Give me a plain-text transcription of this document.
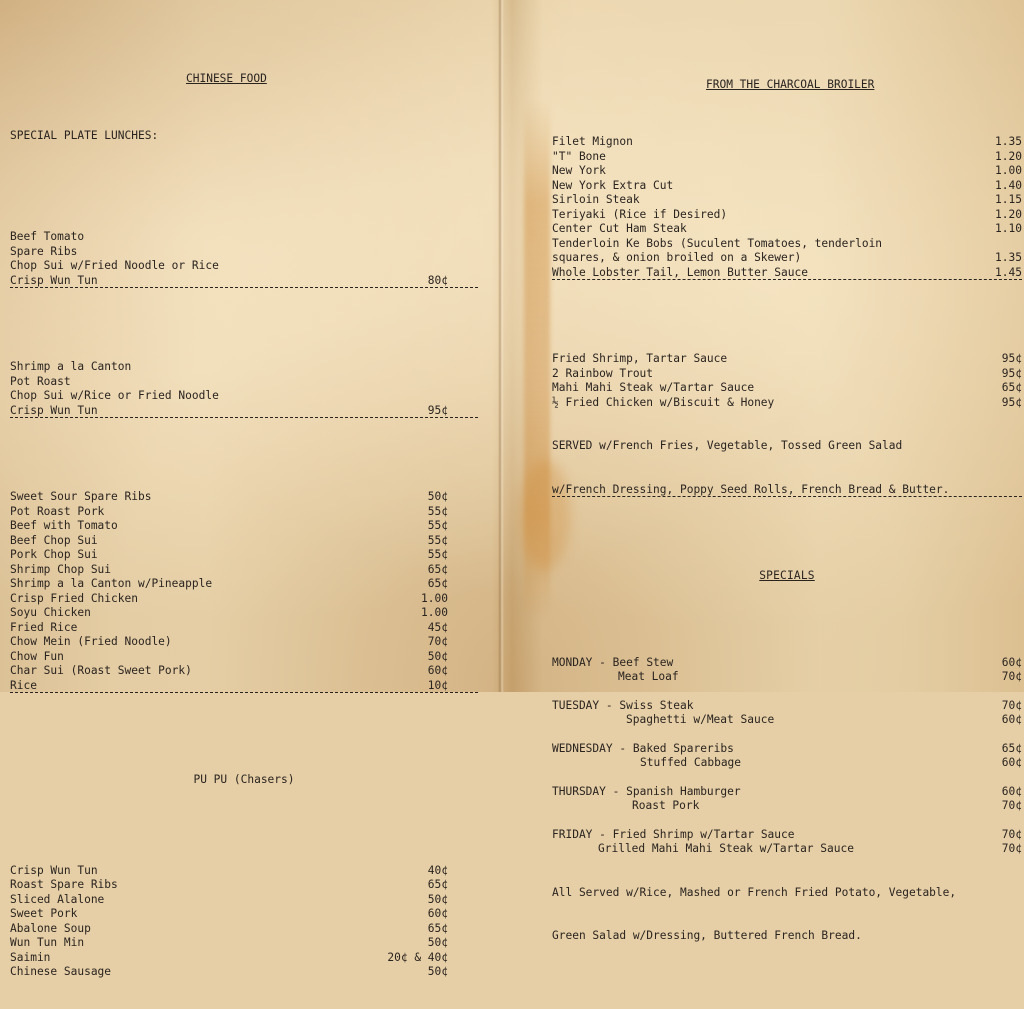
CHINESE FOOD

SPECIAL PLATE LUNCHES:

Beef Tomato
Spare Ribs
Chop Sui w/Fried Noodle or Rice
Crisp Wun Tun	80¢

Shrimp a la Canton
Pot Roast
Chop Sui w/Rice or Fried Noodle
Crisp Wun Tun	95¢

Sweet Sour Spare Ribs	50¢
Pot Roast Pork	55¢
Beef with Tomato	55¢
Beef Chop Sui	55¢
Pork Chop Sui	55¢
Shrimp Chop Sui	65¢
Shrimp a la Canton w/Pineapple	65¢
Crisp Fried Chicken	1.00
Soyu Chicken	1.00
Fried Rice	45¢
Chow Mein (Fried Noodle)	70¢
Chow Fun	50¢
Char Sui (Roast Sweet Pork)	60¢
Rice	10¢

PU PU (Chasers)

Crisp Wun Tun	40¢
Roast Spare Ribs	65¢
Sliced Alalone	50¢
Sweet Pork	60¢
Abalone Soup	65¢
Wun Tun Min	50¢
Saimin	20¢ & 40¢
Chinese Sausage	50¢

FROM THE CHARCOAL BROILER

Filet Mignon	1.35
"T" Bone	1.20
New York	1.00
New York Extra Cut	1.40
Sirloin Steak	1.15
Teriyaki (Rice if Desired)	1.20
Center Cut Ham Steak	1.10
Tenderloin Ke Bobs (Suculent Tomatoes, tenderloin
squares, & onion broiled on a Skewer)	1.35
Whole Lobster Tail, Lemon Butter Sauce	1.45

Fried Shrimp, Tartar Sauce	95¢
2 Rainbow Trout	95¢
Mahi Mahi Steak w/Tartar Sauce	65¢
½ Fried Chicken w/Biscuit & Honey	95¢

SERVED w/French Fries, Vegetable, Tossed Green Salad

w/French Dressing, Poppy Seed Rolls, French Bread & Butter.

SPECIALS

MONDAY - Beef Stew	60¢
Meat Loaf	70¢
TUESDAY - Swiss Steak	70¢
Spaghetti w/Meat Sauce	60¢
WEDNESDAY - Baked Spareribs	65¢
Stuffed Cabbage	60¢
THURSDAY - Spanish Hamburger	60¢
Roast Pork	70¢
FRIDAY - Fried Shrimp w/Tartar Sauce	70¢
Grilled Mahi Mahi Steak w/Tartar Sauce	70¢

All Served w/Rice, Mashed or French Fried Potato, Vegetable,

Green Salad w/Dressing, Buttered French Bread.
